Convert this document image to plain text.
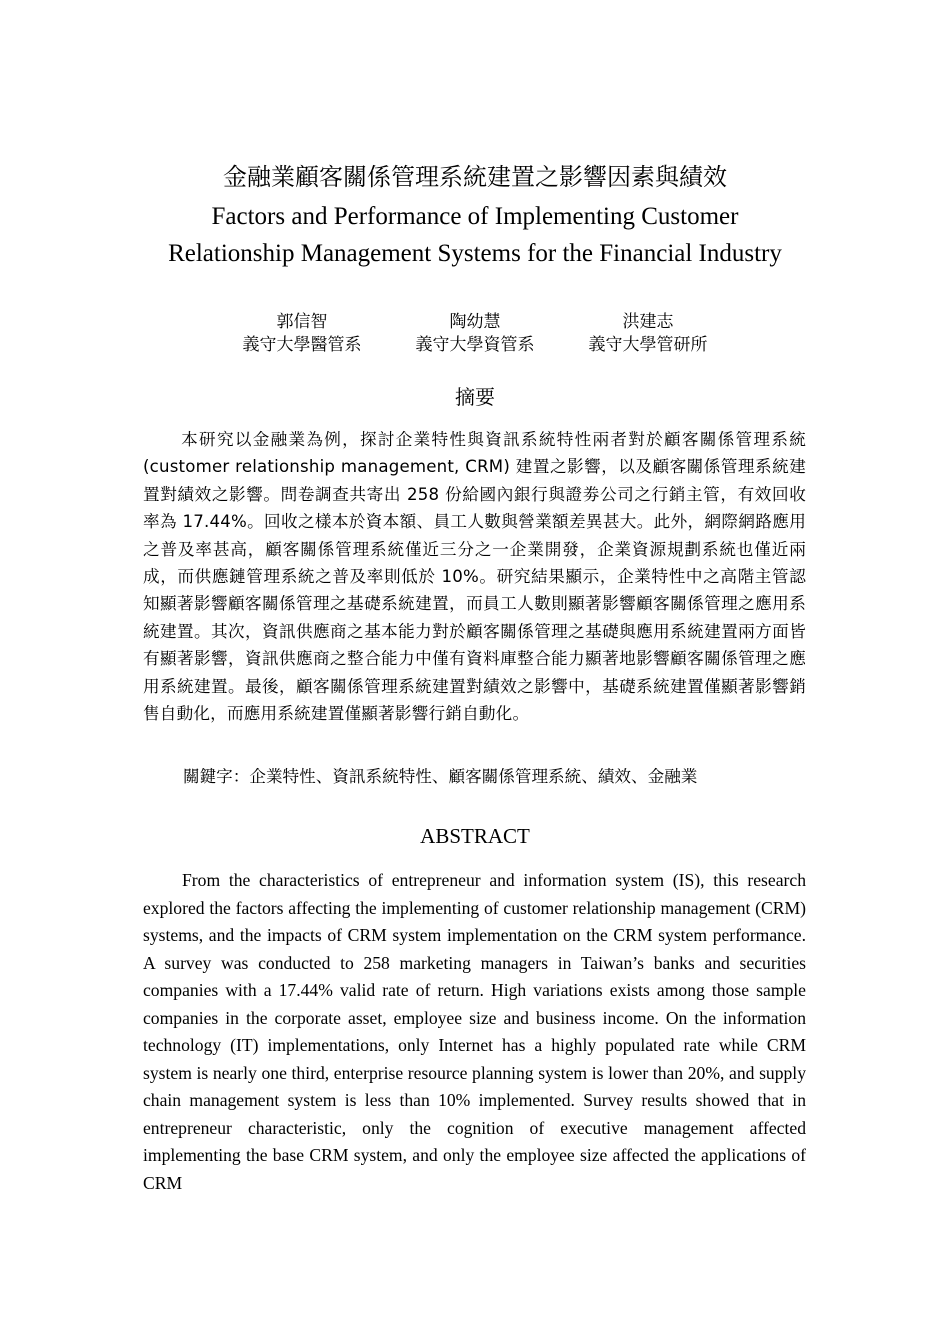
金融業顧客關係管理系統建置之影響因素與績效
Factors and Performance of Implementing Customer
Relationship Management Systems for the Financial Industry
郭信智
義守大學醫管系
陶幼慧
義守大學資管系
洪建志
義守大學管研所
摘要

本研究以金融業為例，探討企業特性與資訊系統特性兩者對於顧客關係管理系統 (customer relationship management, CRM) 建置之影響，以及顧客關係管理系統建置對績效之影響。問卷調查共寄出 258 份給國內銀行與證劵公司之行銷主管，有效回收率為 17.44%。回收之樣本於資本額、員工人數與營業額差異甚大。此外，網際網路應用之普及率甚高，顧客關係管理系統僅近三分之一企業開發，企業資源規劃系統也僅近兩成，而供應鏈管理系統之普及率則低於 10%。研究結果顯示，企業特性中之高階主管認知顯著影響顧客關係管理之基礎系統建置，而員工人數則顯著影響顧客關係管理之應用系統建置。其次，資訊供應商之基本能力對於顧客關係管理之基礎與應用系統建置兩方面皆有顯著影響，資訊供應商之整合能力中僅有資料庫整合能力顯著地影響顧客關係管理之應用系統建置。最後，顧客關係管理系統建置對績效之影響中，基礎系統建置僅顯著影響銷售自動化，而應用系統建置僅顯著影響行銷自動化。

關鍵字：企業特性、資訊系統特性、顧客關係管理系統、績效、金融業

ABSTRACT

From the characteristics of entrepreneur and information system (IS), this research explored the factors affecting the implementing of customer relationship management (CRM) systems, and the impacts of CRM system implementation on the CRM system performance. A survey was conducted to 258 marketing managers in Taiwan’s banks and securities companies with a 17.44% valid rate of return. High variations exists among those sample companies in the corporate asset, employee size and business income. On the information technology (IT) implementations, only Internet has a highly populated rate while CRM system is nearly one third, enterprise resource planning system is lower than 20%, and supply chain management system is less than 10% implemented. Survey results showed that in entrepreneur characteristic, only the cognition of executive management affected implementing the base CRM system, and only the employee size affected the applications of CRM
